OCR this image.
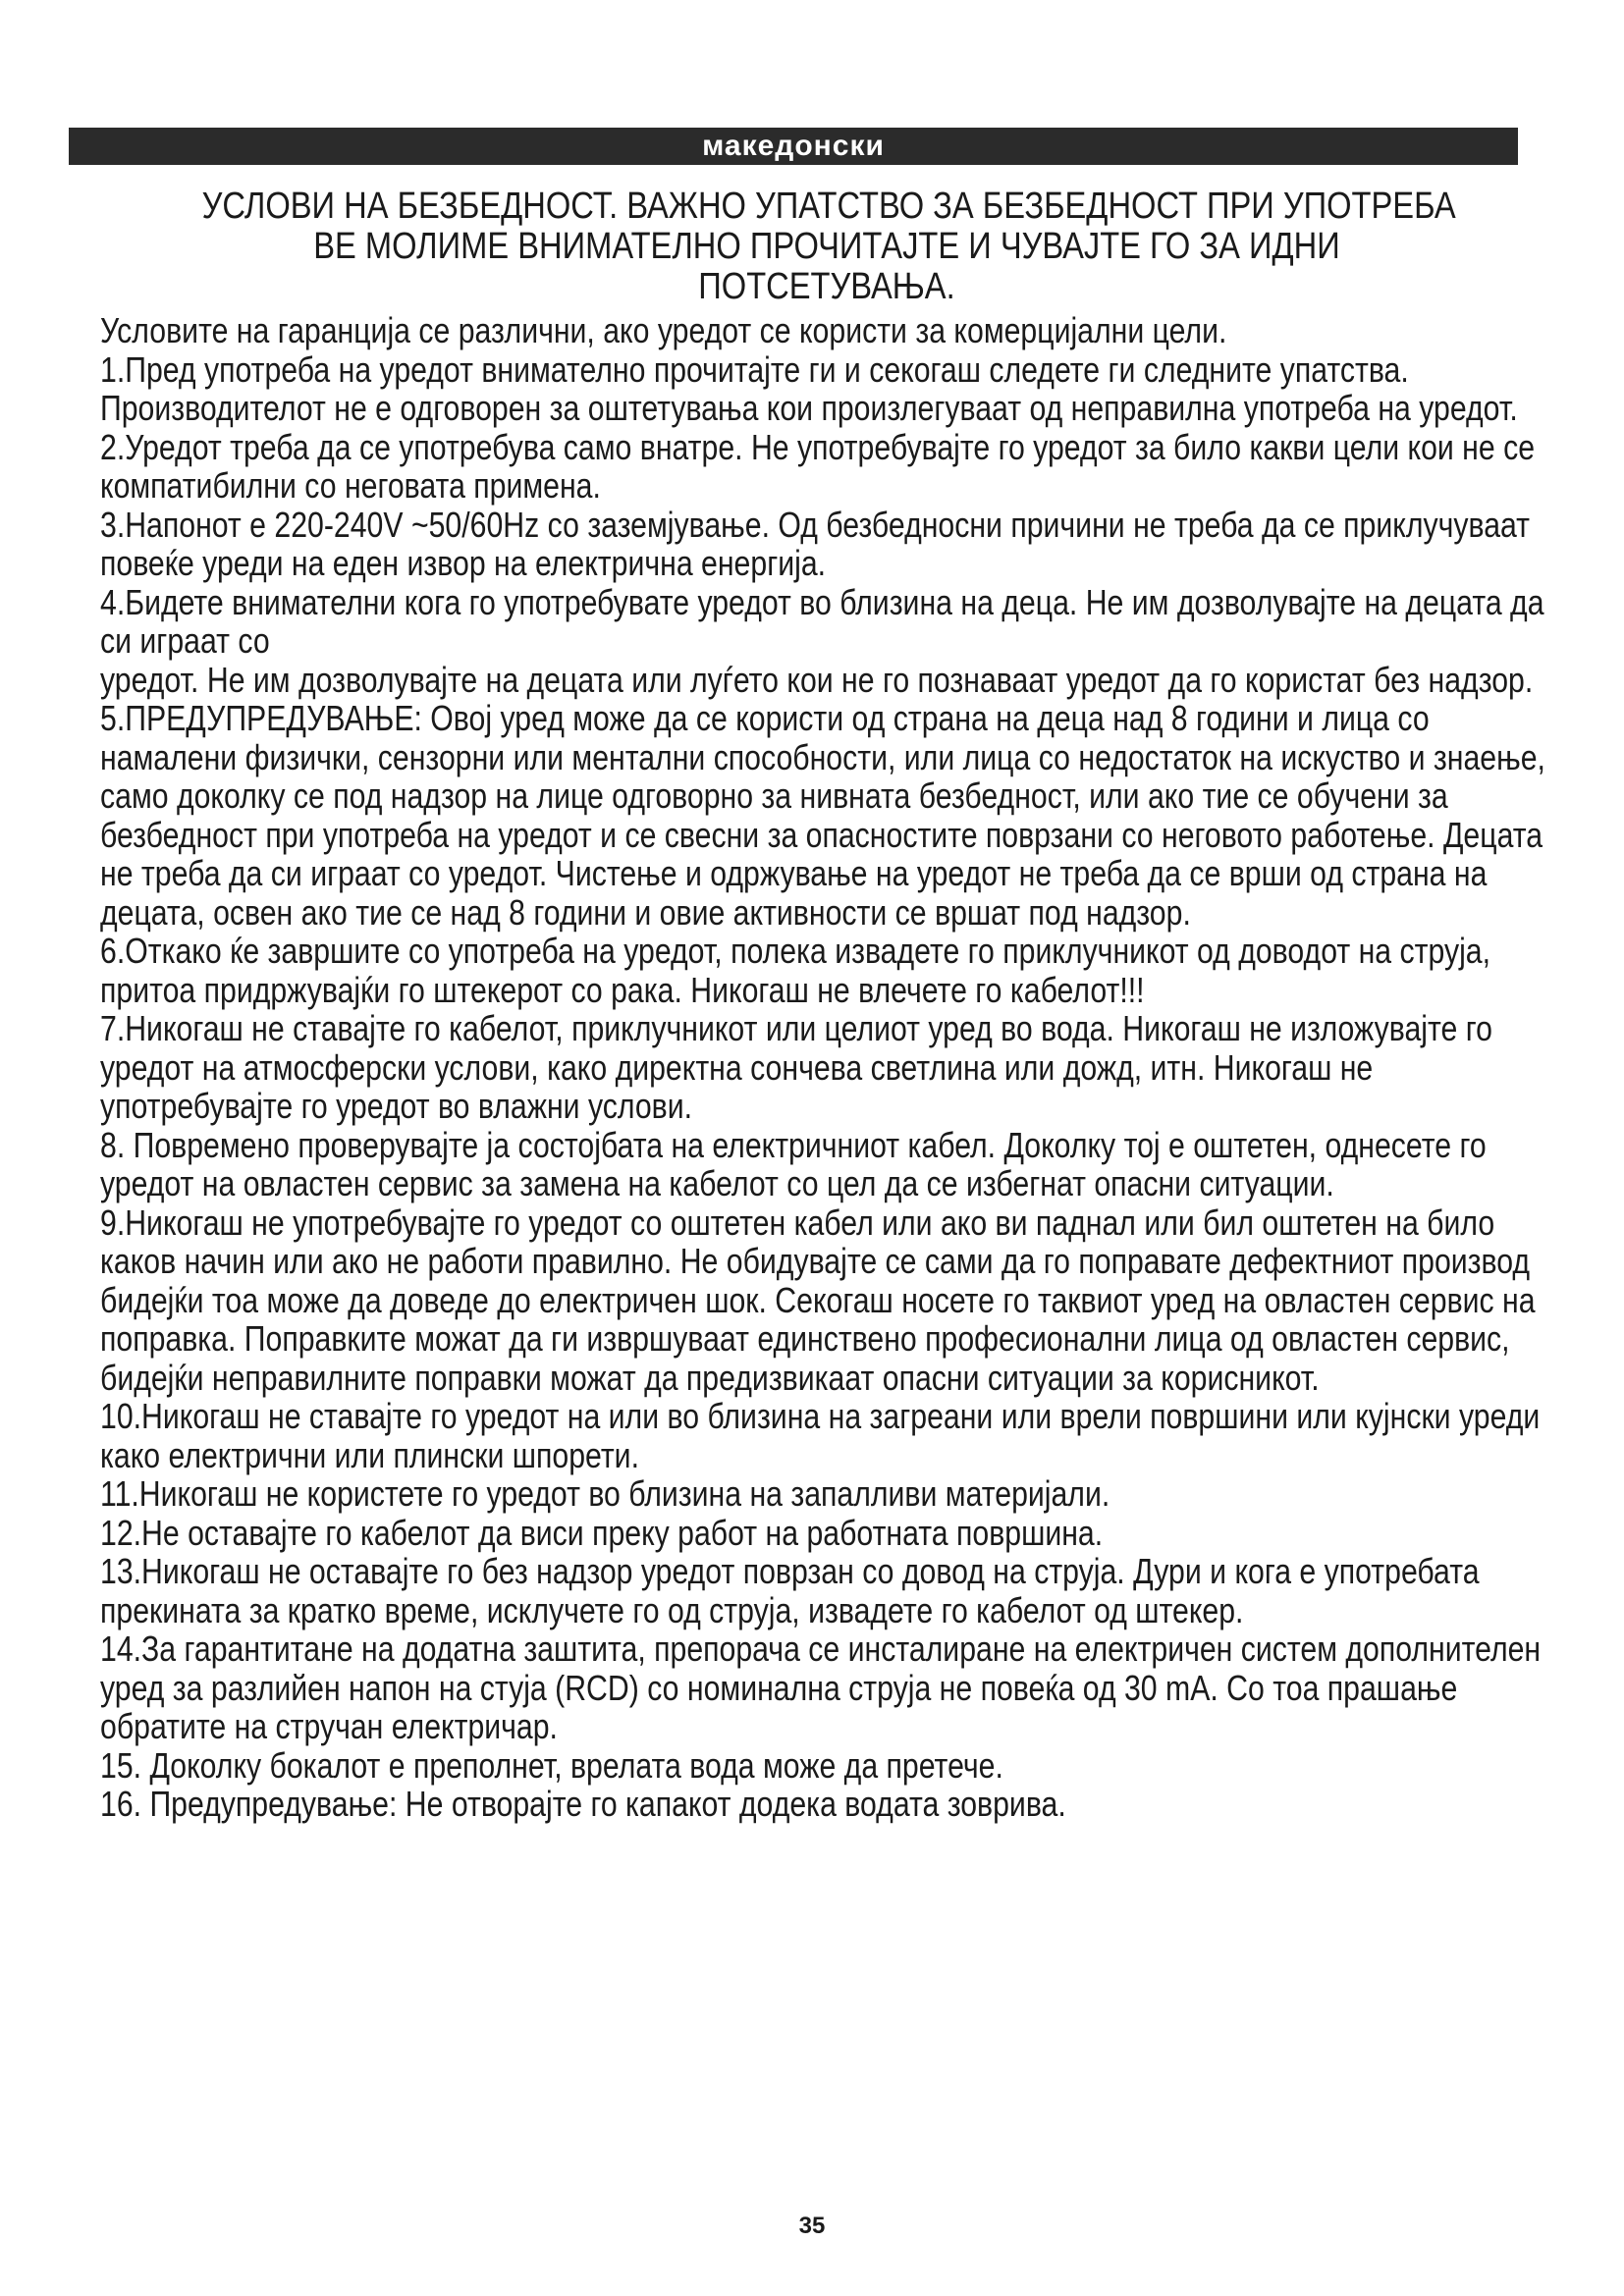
македонски
УСЛОВИ НА БЕЗБЕДНОСТ. ВАЖНО УПАТСТВО ЗА БЕЗБЕДНОСТ ПРИ УПОТРЕБА
ВЕ МОЛИМЕ ВНИМАТЕЛНО ПРОЧИТАЈТЕ И ЧУВАЈТЕ ГО ЗА ИДНИ
ПОТСЕТУВАЊА.

Условите на гаранција се различни, ако уредот се користи за комерцијални цели.

1.Пред употреба на уредот внимателно прочитајте ги и секогаш следете ги следните упатства. Производителот не е одговорен за оштетувања кои произлегуваат од неправилна употреба на уредот.

2.Уредот треба да се употребува само внатре. Не употребувајте го уредот за било какви цели кои не се компатибилни со неговата примена.

3.Напонот е 220-240V ~50/60Hz со заземјување. Од безбедносни причини не треба да се приклучуваат повеќе уреди на еден извор на електрична енергија.

4.Бидете внимателни кога го употребувате уредот во близина на деца. Не им дозволувајте на децата да си играат со

уредот. Не им дозволувајте на децата или луѓето кои не го познаваат уредот да го користат без надзор.

5.ПРЕДУПРЕДУВАЊЕ: Овој уред може да се користи од страна на деца над 8 години и лица со намалени физички, сензорни или ментални способности, или лица со недостаток на искуство и знаење, само доколку се под надзор на лице одговорно за нивната безбедност, или ако тие се обучени за безбедност при употреба на уредот и се свесни за опасностите поврзани со неговото работење. Децата не треба да си играат со уредот. Чистење и одржување на уредот не треба да се врши од страна на децата, освен ако тие се над 8 години и овие активности се вршат под надзор.

6.Откако ќе завршите со употреба на уредот, полека извадете го приклучникот од доводот на струја, притоа придржувајќи го штекерот со рака. Никогаш не влечете го кабелот!!!

7.Никогаш не ставајте го кабелот, приклучникот или целиот уред во вода. Никогаш не изложувајте го уредот на атмосферски услови, како директна сончева светлина или дожд, итн. Никогаш не употребувајте го уредот во влажни услови.

8. Повремено проверувајте ја состојбата на електричниот кабел. Доколку тој е оштетен, однесете го уредот на овластен сервис за замена на кабелот со цел да се избегнат опасни ситуации.

9.Никогаш не употребувајте го уредот со оштетен кабел или ако ви паднал или бил оштетен на било каков начин или ако не работи правилно. Не обидувајте се сами да го поправате дефектниот производ бидејќи тоа може да доведе до електричен шок. Секогаш носете го таквиот уред на овластен сервис на поправка. Поправките можат да ги извршуваат единствено професионални лица од овластен сервис, бидејќи неправилните поправки можат да предизвикаат опасни ситуации за корисникот.

10.Никогаш не ставајте го уредот на или во близина на загреани или врели површини или кујнски уреди како електрични или плински шпорети.

11.Никогаш не користете го уредот во близина на запалливи материјали.

12.Не оставајте го кабелот да виси преку работ на работната површина.

13.Никогаш не оставајте го без надзор уредот поврзан со довод на струја. Дури и кога е употребата прекината за кратко време, исклучете го од струја, извадете го кабелот од штекер.

14.За гарантитане на додатна заштита, препорача се инсталиране на електричен систем дополнителен уред за разлийен напон на стуја (RCD) со номинална струја не повеќа од 30 mA. Со тоа прашање обратите на стручан електричар.

15. Доколку бокалот е преполнет, врелата вода може да претече.

16. Предупредување: Не отворајте го капакот додека водата зоврива.

35
